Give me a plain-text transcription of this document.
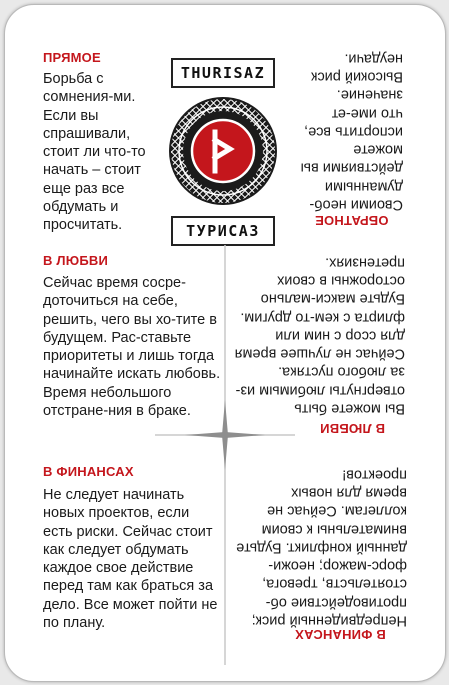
ПРЯМОЕ

Борьба с сомнения-ми. Если вы спрашивали, стоит ли что-то начать – стоит еще раз все обдумать и просчитать.

В ЛЮБВИ

Сейчас время сосре-доточиться на себе, решить, чего вы хо-тите в будущем. Рас-ставьте приоритеты и лишь тогда начинайте искать любовь. Время небольшого отстране-ния в браке.

В ФИНАНСАХ

Не следует начинать новых проектов, если есть риски. Сейчас стоит как следует обдумать каждое свое действие перед там как браться за дело. Все может пойти не по плану.

THURISAZ
ТУРИСАЗ
ОБРАТНОЕ

Своими необ-думанными действиями вы можете испортить все, что име-ет значение. Высокий риск неудачи.

В ЛЮБВИ

Вы можете быть отвергнуты любимым из-за любого пустяка. Сейчас не лучшее время для ссор с ним или флирта с кем-то другим. Будьте макси-мально осторожны в своих претензиях.

В ФИНАНСАХ

Непредвиденный риск; противодействие об-стоятельств, тревога, форс-мажор; неожи-данный конфликт. Будьте внимательны к своим коллегам. Сейчас не время для новых проектов!
